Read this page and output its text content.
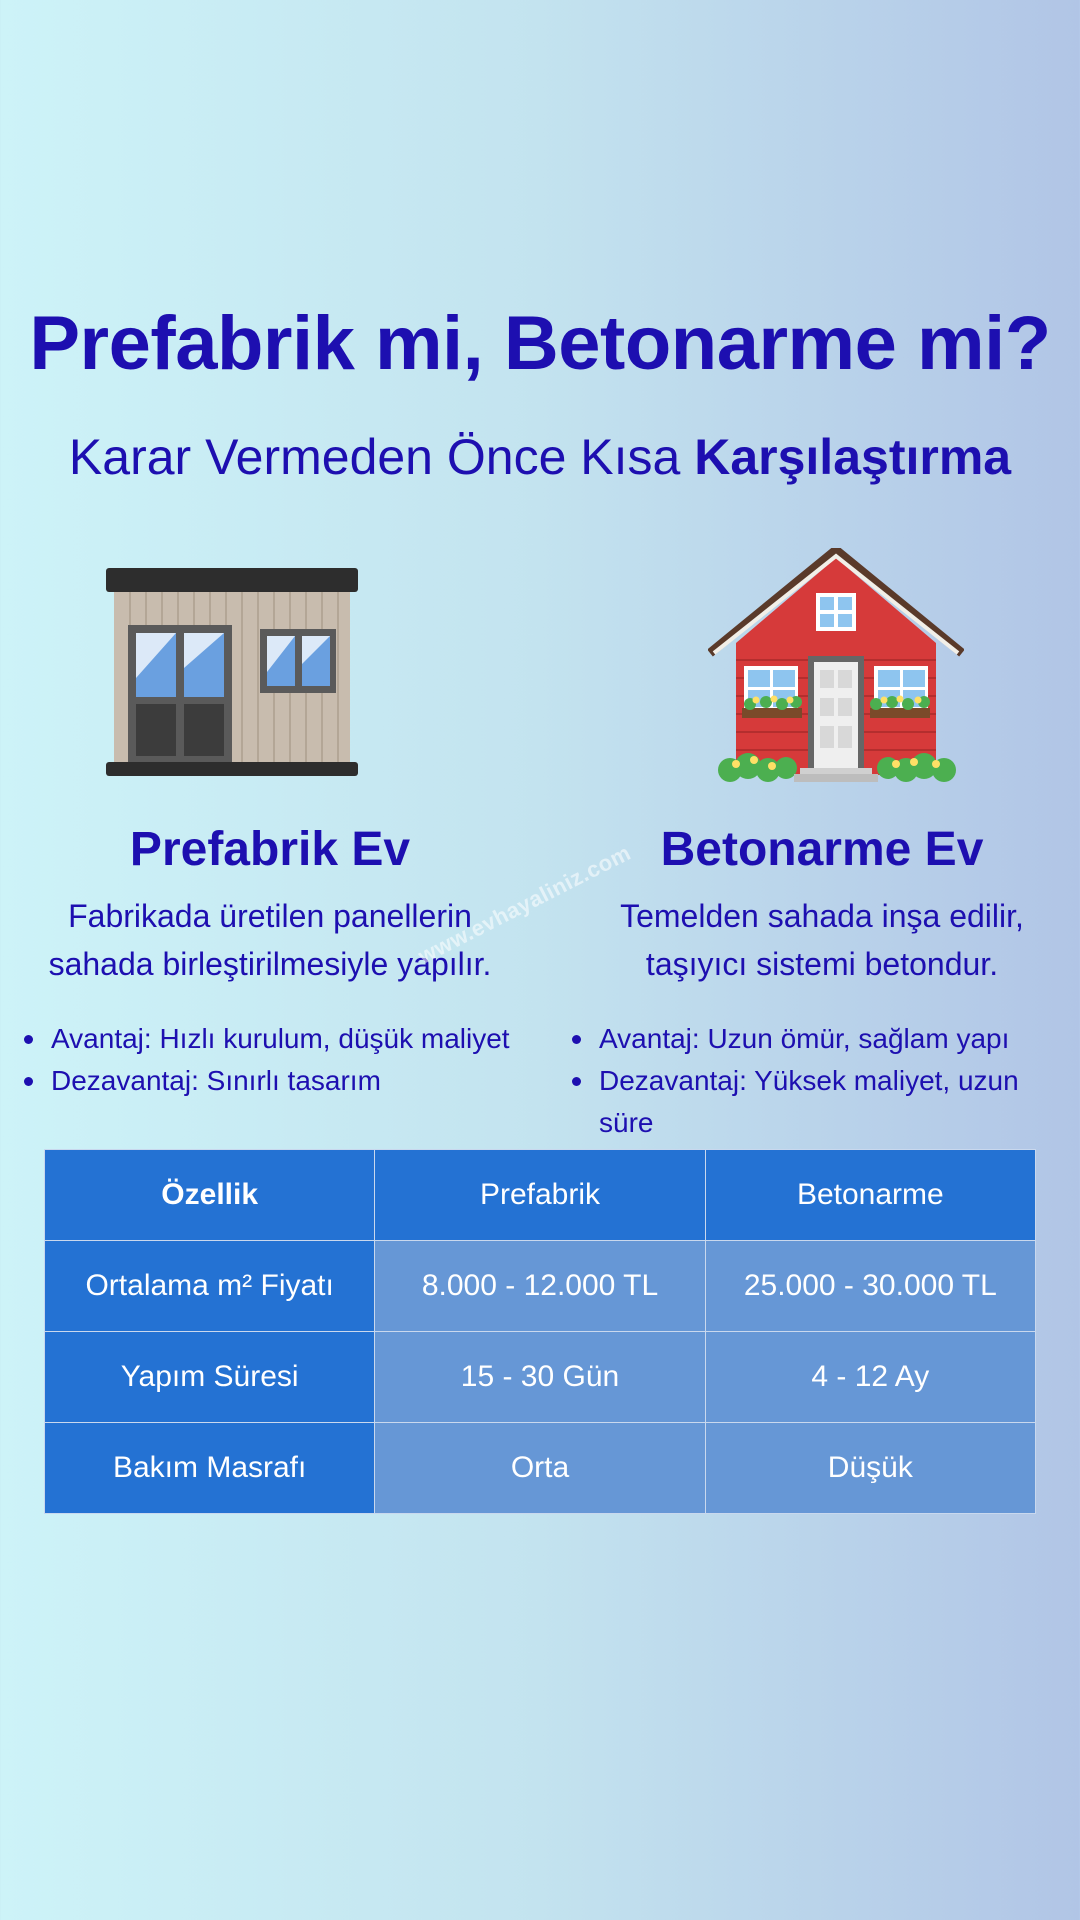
Prefabrik mi, Betonarme mi?
Karar Vermeden Önce Kısa Karşılaştırma
Prefabrik Ev	Betonarme Ev
Fabrikada üretilen panellerin
sahada birleştirilmesiyle yapılır.
Temelden sahada inşa edilir,
taşıyıcı sistemi betondur.
www.evhayaliniz.com
Avantaj: Hızlı kurulum, düşük maliyet
Dezavantaj: Sınırlı tasarım
Avantaj: Uzun ömür, sağlam yapı
Dezavantaj: Yüksek maliyet, uzun süre
Özellik	Prefabrik	Betonarme
Ortalama m² Fiyatı	8.000 - 12.000 TL	25.000 - 30.000 TL
Yapım Süresi	15 - 30 Gün	4 - 12 Ay
Bakım Masrafı	Orta	Düşük
